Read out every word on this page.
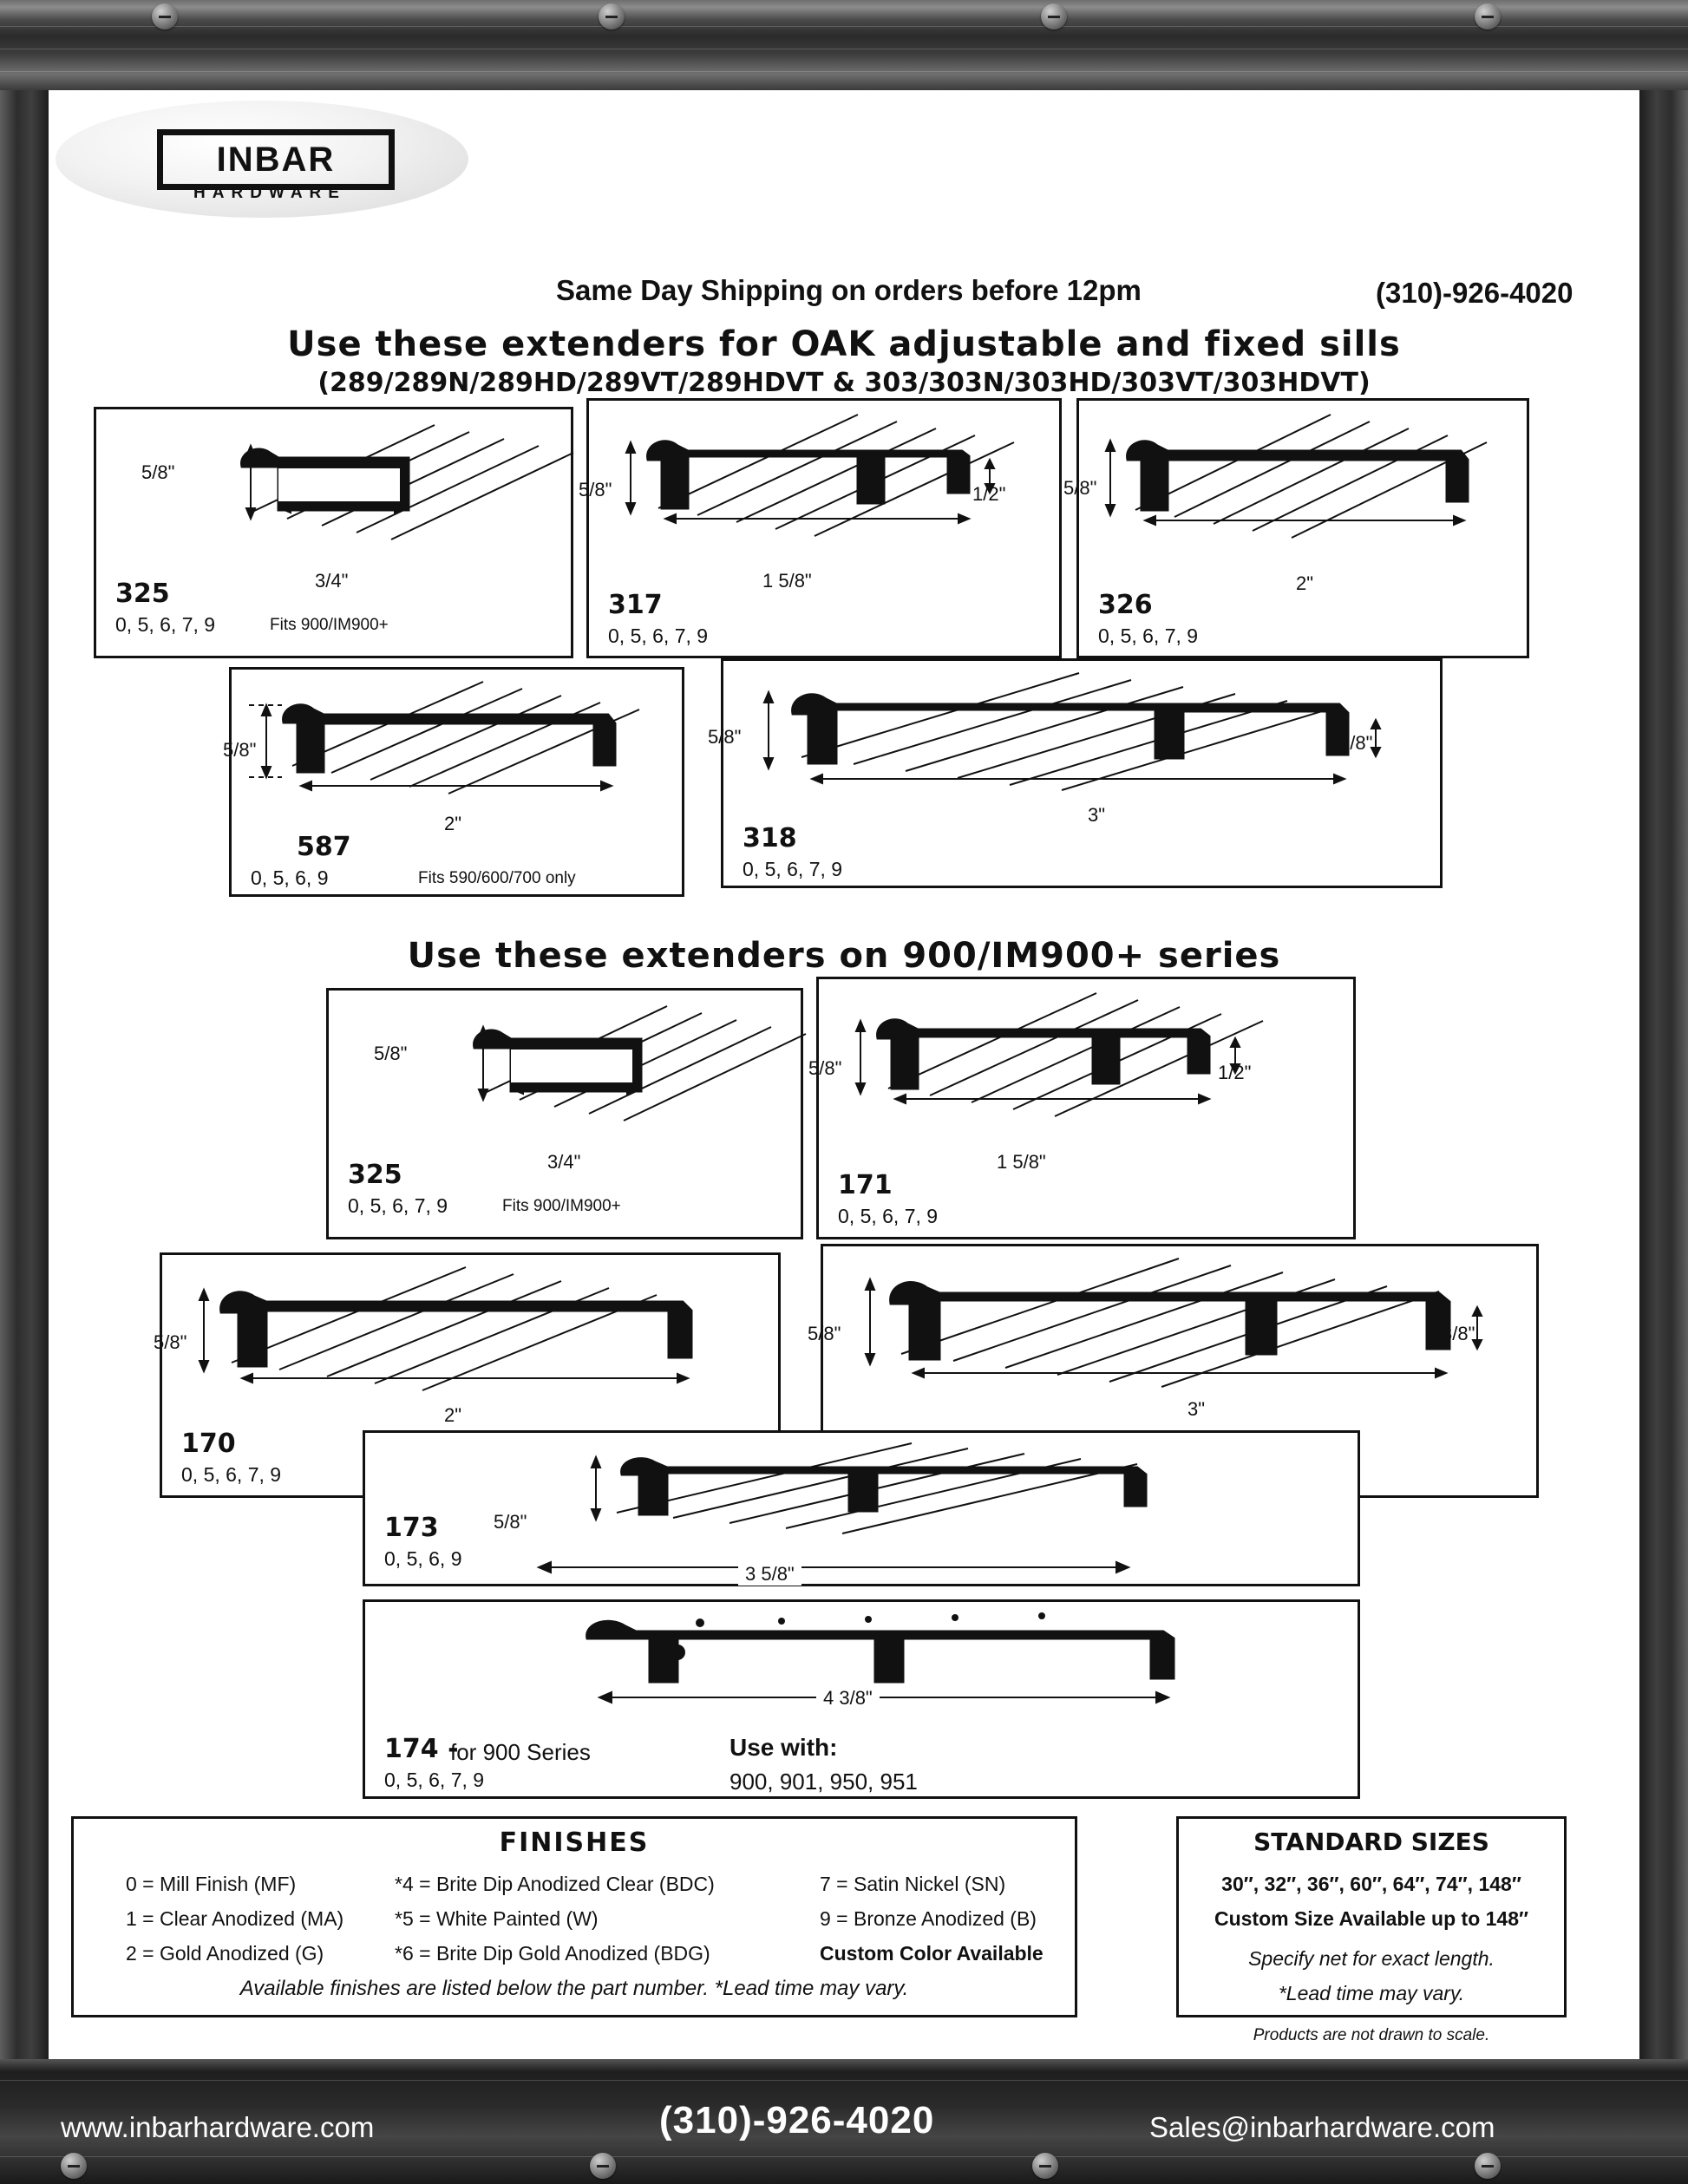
INBAR
HARDWARE
Same Day Shipping on orders before 12pm	(310)-926-4020
Use these extenders for OAK adjustable and fixed sills
(289/289N/289HD/289VT/289HDVT & 303/303N/303HD/303VT/303HDVT)
5/8"
3/4"
325
0, 5, 6, 7, 9	Fits 900/IM900+
5/8"
1 5/8"
1/2"
317
0, 5, 6, 7, 9
5/8"
2"
326
0, 5, 6, 7, 9
5/8"
2"
587
0, 5, 6, 9	Fits 590/600/700 only
5/8"
3"
3/8"
318
0, 5, 6, 7, 9
Use these extenders on 900/IM900+ series
5/8"
3/4"
325
0, 5, 6, 7, 9	Fits 900/IM900+
5/8"
1 5/8"
1/2"
171
0, 5, 6, 7, 9
5/8"
2"
170
0, 5, 6, 7, 9
5/8"
3"
3/8"
5/8"
3 5/8"
173
0, 5, 6, 9
4 3/8"
174 -
for 900 Series
0, 5, 6, 7, 9
Use with:
900, 901, 950, 951
FINISHES
0 = Mill Finish (MF)	*4 = Brite Dip Anodized Clear (BDC)	7 = Satin Nickel (SN)
1 = Clear Anodized (MA)	*5 = White Painted (W)	9 = Bronze Anodized (B)
2 = Gold Anodized (G)	*6 = Brite Dip Gold Anodized (BDG)	Custom Color Available
Available finishes are listed below the part number. *Lead time may vary.
STANDARD SIZES
30″, 32″, 36″, 60″, 64″, 74″, 148″
Custom Size Available up to 148″
Specify net for exact length.
*Lead time may vary.
Products are not drawn to scale.
www.inbarhardware.com	(310)-926-4020	Sales@inbarhardware.com
